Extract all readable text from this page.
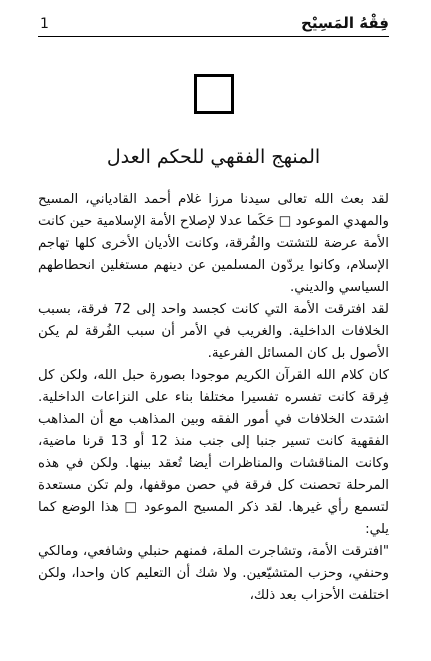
1	فِقْهُ المَسِيْح
المنهج الفقهي للحكم العدل

لقد بعث الله تعالى سيدنا مرزا غلام أحمد القادياني، المسيح والمهدي الموعود □ حَكَما عدلا لإصلاح الأمة الإسلامية حين كانت الأمة عرضة للتشتت والفُرقة، وكانت الأديان الأخرى كلها تهاجم الإسلام، وكانوا يردّون المسلمين عن دينهم مستغلين انحطاطهم السياسي والديني.

لقد افترقت الأمة التي كانت كجسد واحد إلى 72 فرقة، بسبب الخلافات الداخلية. والغريب في الأمر أن سبب الفُرقة لم يكن الأصول بل كان المسائل الفرعية.

كان كلام الله القرآن الكريم موجودا بصورة حبل الله، ولكن كل فِرقة كانت تفسره تفسيرا مختلفا بناء على النزاعات الداخلية. اشتدت الخلافات في أمور الفقه وبين المذاهب مع أن المذاهب الفقهية كانت تسير جنبا إلى جنب منذ 12 أو 13 قرنا ماضية، وكانت المناقشات والمناظرات أيضا تُعقد بينها. ولكن في هذه المرحلة تحصنت كل فرقة في حصن موقفها، ولم تكن مستعدة لتسمع رأي غيرها. لقد ذكر المسيح الموعود □ هذا الوضع كما يلي:

"افترقت الأمة، وتشاجرت الملة، فمنهم حنبلي وشافعي، ومالكي وحنفي، وحزب المتشيّعين. ولا شك أن التعليم كان واحدا، ولكن اختلفت الأحزاب بعد ذلك،
